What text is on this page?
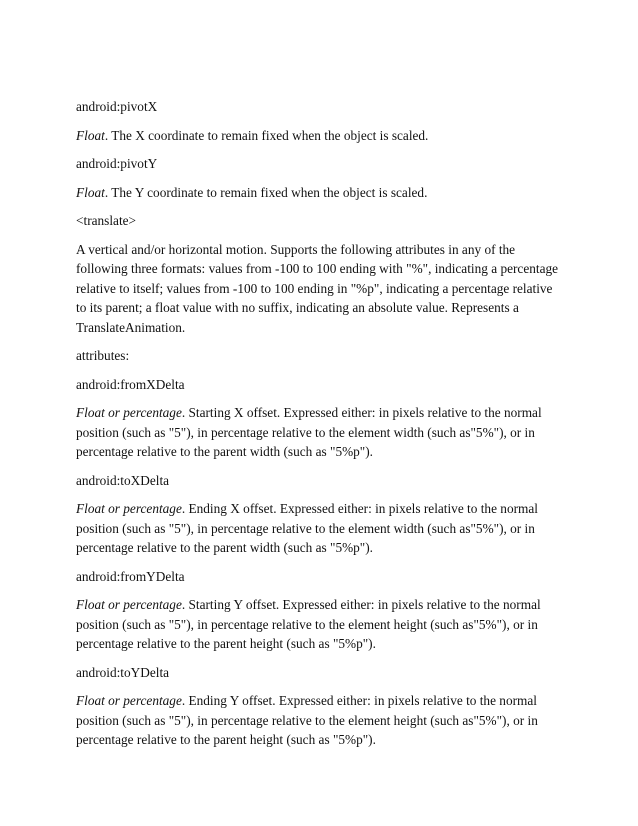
android:pivotX

Float. The X coordinate to remain fixed when the object is scaled.

android:pivotY

Float. The Y coordinate to remain fixed when the object is scaled.

<translate>

A vertical and/or horizontal motion. Supports the following attributes in any of the following three formats: values from -100 to 100 ending with "%", indicating a percentage relative to itself; values from -100 to 100 ending in "%p", indicating a percentage relative to its parent; a float value with no suffix, indicating an absolute value. Represents a TranslateAnimation.

attributes:

android:fromXDelta

Float or percentage. Starting X offset. Expressed either: in pixels relative to the normal position (such as "5"), in percentage relative to the element width (such as"5%"), or in percentage relative to the parent width (such as "5%p").

android:toXDelta

Float or percentage. Ending X offset. Expressed either: in pixels relative to the normal position (such as "5"), in percentage relative to the element width (such as"5%"), or in percentage relative to the parent width (such as "5%p").

android:fromYDelta

Float or percentage. Starting Y offset. Expressed either: in pixels relative to the normal position (such as "5"), in percentage relative to the element height (such as"5%"), or in percentage relative to the parent height (such as "5%p").

android:toYDelta

Float or percentage. Ending Y offset. Expressed either: in pixels relative to the normal position (such as "5"), in percentage relative to the element height (such as"5%"), or in percentage relative to the parent height (such as "5%p").
